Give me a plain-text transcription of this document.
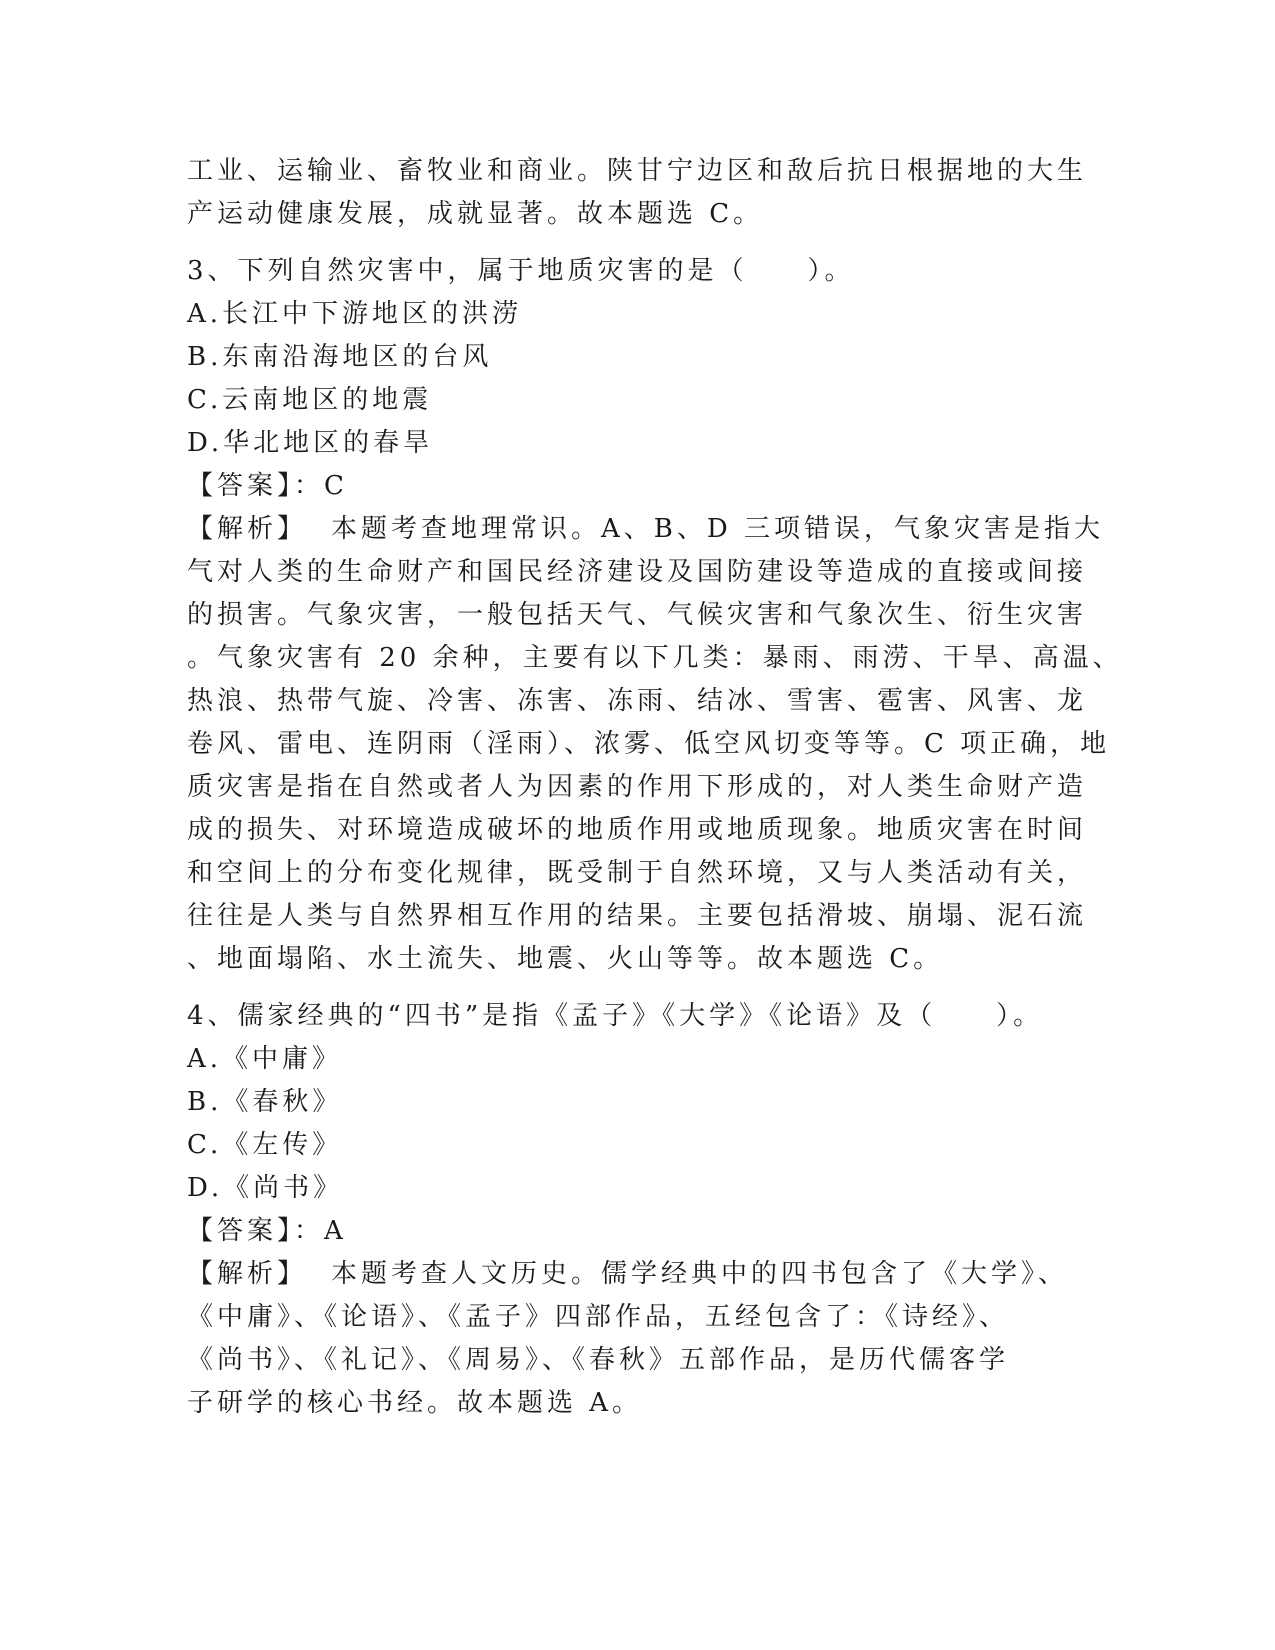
工业、运输业、畜牧业和商业。陕甘宁边区和敌后抗日根据地的大生
产运动健康发展，成就显著。故本题选 C。
3、下列自然灾害中，属于地质灾害的是（　　）。
A.长江中下游地区的洪涝
B.东南沿海地区的台风
C.云南地区的地震
D.华北地区的春旱
【答案】：C
【解析】 本题考查地理常识。A、B、D 三项错误，气象灾害是指大
气对人类的生命财产和国民经济建设及国防建设等造成的直接或间接
的损害。气象灾害，一般包括天气、气候灾害和气象次生、衍生灾害
。气象灾害有 20 余种，主要有以下几类：暴雨、雨涝、干旱、高温、
热浪、热带气旋、冷害、冻害、冻雨、结冰、雪害、雹害、风害、龙
卷风、雷电、连阴雨（淫雨）、浓雾、低空风切变等等。C 项正确，地
质灾害是指在自然或者人为因素的作用下形成的，对人类生命财产造
成的损失、对环境造成破坏的地质作用或地质现象。地质灾害在时间
和空间上的分布变化规律，既受制于自然环境，又与人类活动有关，
往往是人类与自然界相互作用的结果。主要包括滑坡、崩塌、泥石流
、地面塌陷、水土流失、地震、火山等等。故本题选 C。
4、儒家经典的“四书”是指《孟子》《大学》《论语》及（　　）。
A.《中庸》
B.《春秋》
C.《左传》
D.《尚书》
【答案】：A
【解析】 本题考查人文历史。儒学经典中的四书包含了《大学》、
《中庸》、《论语》、《孟子》四部作品，五经包含了：《诗经》、
《尚书》、《礼记》、《周易》、《春秋》五部作品，是历代儒客学
子研学的核心书经。故本题选 A。
